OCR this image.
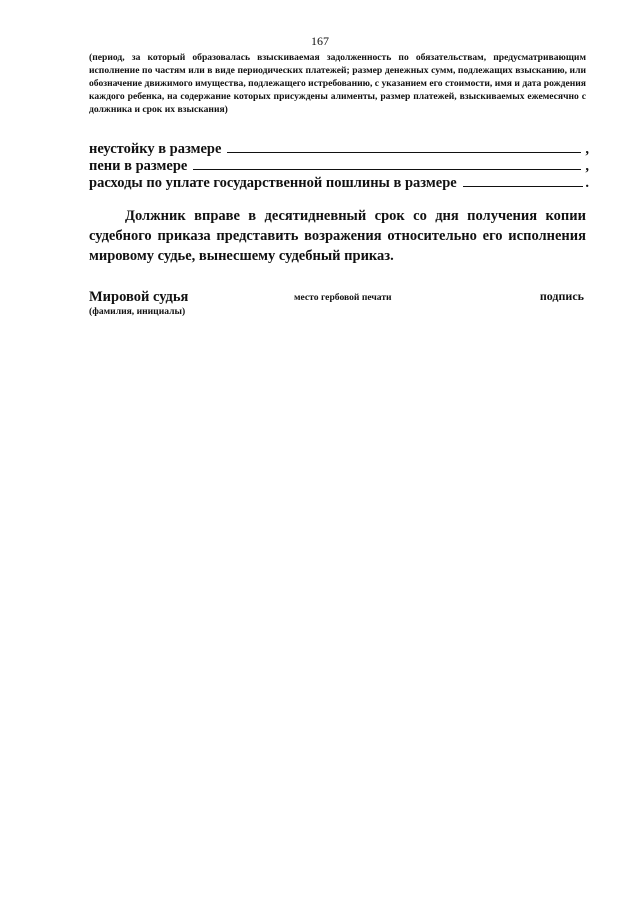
167
(период, за который образовалась взыскиваемая задолженность по обязательствам, предусматривающим исполнение по частям или в виде периодических платежей; размер денежных сумм, подлежащих взысканию, или обозначение движимого имущества, подлежащего истребованию, с указанием его стоимости, имя и дата рождения каждого ребенка, на содержание которых присуждены алименты, размер платежей, взыскиваемых ежемесячно с должника и срок их взыскания)
неустойку в размере	,
пени в размере	,
расходы по уплате государственной пошлины в размере	.
Должник вправе в десятидневный срок со дня получения копии судебного приказа представить возражения относительно его исполнения мировому судье, вынесшему судебный приказ.
Мировой судья
(фамилия, инициалы)
место гербовой печати	подпись
